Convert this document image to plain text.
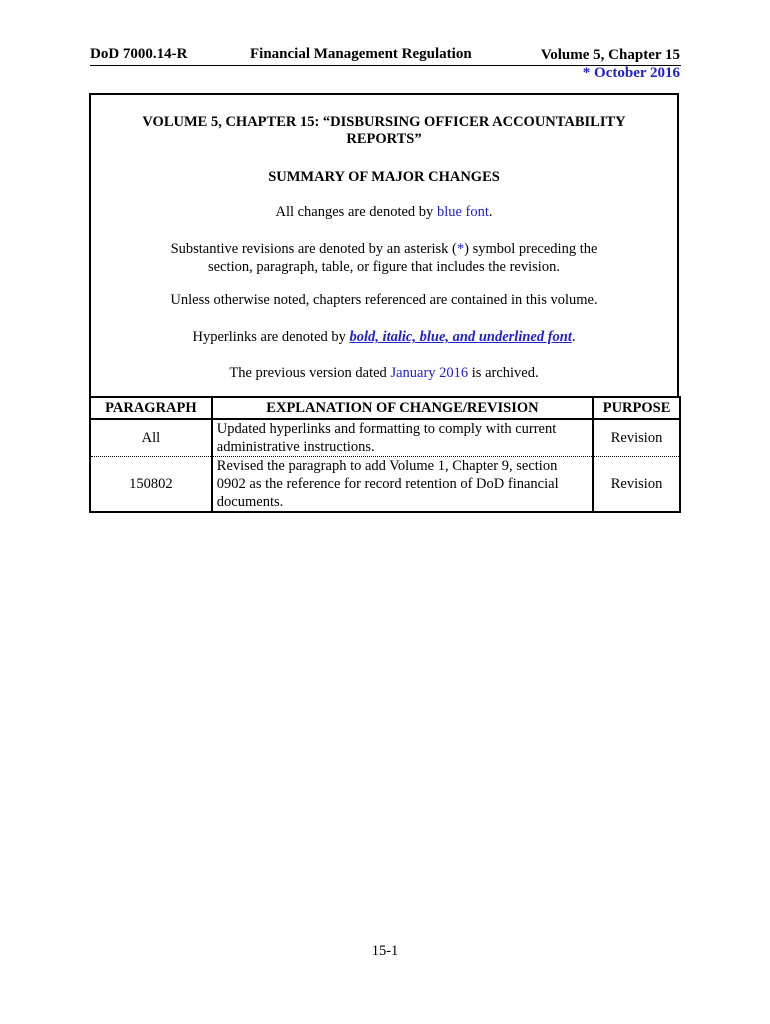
DoD 7000.14-R	Financial Management Regulation	Volume 5, Chapter 15
* October 2016
VOLUME 5, CHAPTER 15: “DISBURSING OFFICER ACCOUNTABILITY
REPORTS”
SUMMARY OF MAJOR CHANGES
All changes are denoted by blue font.
Substantive revisions are denoted by an asterisk (*) symbol preceding the
section, paragraph, table, or figure that includes the revision.
Unless otherwise noted, chapters referenced are contained in this volume.
Hyperlinks are denoted by bold, italic, blue, and underlined font.
The previous version dated January 2016 is archived.
PARAGRAPH	EXPLANATION OF CHANGE/REVISION	PURPOSE
All	Updated hyperlinks and formatting to comply with current administrative instructions.	Revision
150802	Revised the paragraph to add Volume 1, Chapter 9, section 0902 as the reference for record retention of DoD financial documents.	Revision
15-1
